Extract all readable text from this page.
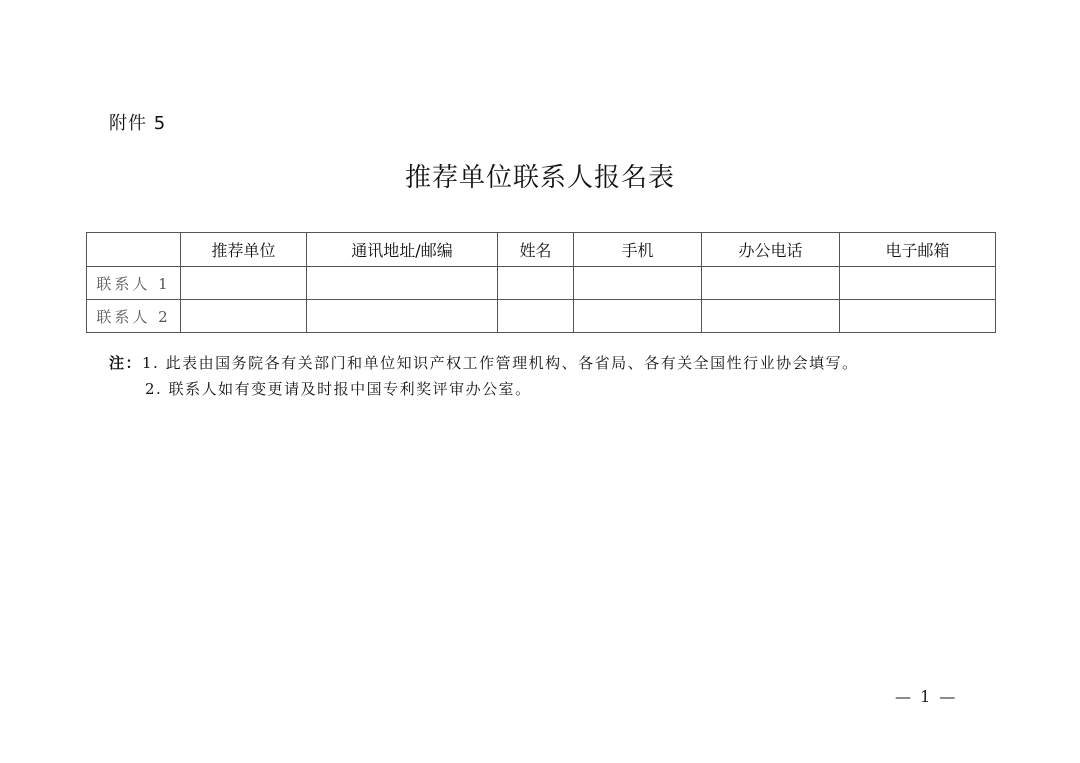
附件 5
推荐单位联系人报名表
	推荐单位	通讯地址/邮编	姓名	手机	办公电话	电子邮箱
联系人 1						
联系人 2						
注：1. 此表由国务院各有关部门和单位知识产权工作管理机构、各省局、各有关全国性行业协会填写。
2. 联系人如有变更请及时报中国专利奖评审办公室。
— 1 —
